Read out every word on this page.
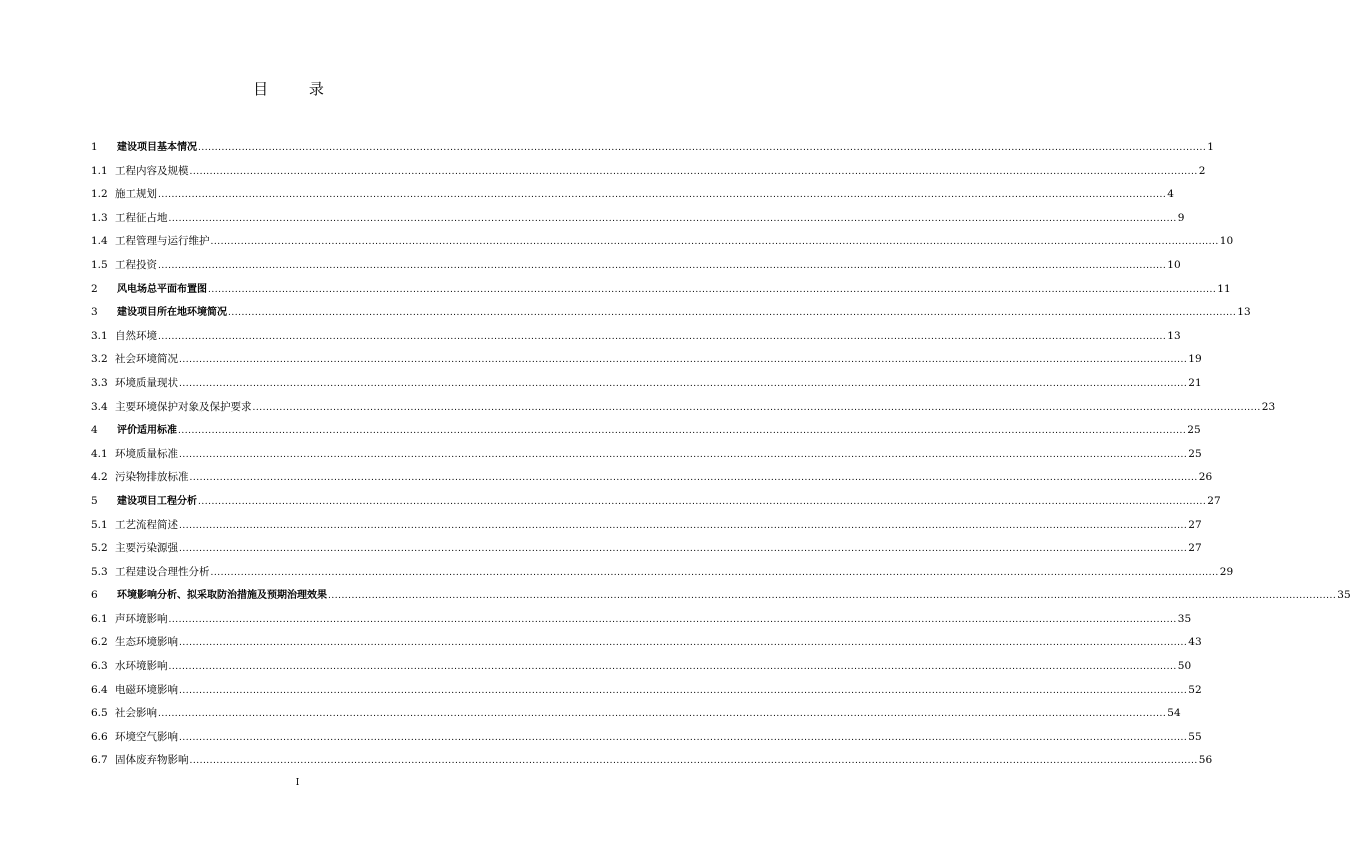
目 录
1	建设项目基本情况 ............................................................................................................................................................................................................................................................................................................ 1
1.1 工程内容及规模 ............................................................................................................................................................................................................................................................................................................ 2
1.2 施工规划 ............................................................................................................................................................................................................................................................................................................ 4
1.3 工程征占地 ............................................................................................................................................................................................................................................................................................................ 9
1.4 工程管理与运行维护 ............................................................................................................................................................................................................................................................................................................ 10
1.5 工程投资 ............................................................................................................................................................................................................................................................................................................ 10
2	风电场总平面布置图 ............................................................................................................................................................................................................................................................................................................ 11
3	建设项目所在地环境简况 ............................................................................................................................................................................................................................................................................................................ 13
3.1 自然环境 ............................................................................................................................................................................................................................................................................................................ 13
3.2 社会环境简况 ............................................................................................................................................................................................................................................................................................................ 19
3.3 环境质量现状 ............................................................................................................................................................................................................................................................................................................ 21
3.4 主要环境保护对象及保护要求 ............................................................................................................................................................................................................................................................................................................ 23
4	评价适用标准 ............................................................................................................................................................................................................................................................................................................ 25
4.1 环境质量标准 ............................................................................................................................................................................................................................................................................................................ 25
4.2 污染物排放标准 ............................................................................................................................................................................................................................................................................................................ 26
5	建设项目工程分析 ............................................................................................................................................................................................................................................................................................................ 27
5.1 工艺流程简述 ............................................................................................................................................................................................................................................................................................................ 27
5.2 主要污染源强 ............................................................................................................................................................................................................................................................................................................ 27
5.3 工程建设合理性分析 ............................................................................................................................................................................................................................................................................................................ 29
6	环境影响分析、拟采取防治措施及预期治理效果 ............................................................................................................................................................................................................................................................................................................ 35
6.1 声环境影响 ............................................................................................................................................................................................................................................................................................................ 35
6.2 生态环境影响 ............................................................................................................................................................................................................................................................................................................ 43
6.3 水环境影响 ............................................................................................................................................................................................................................................................................................................ 50
6.4 电磁环境影响 ............................................................................................................................................................................................................................................................................................................ 52
6.5 社会影响 ............................................................................................................................................................................................................................................................................................................ 54
6.6 环境空气影响 ............................................................................................................................................................................................................................................................................................................ 55
6.7 固体废弃物影响 ............................................................................................................................................................................................................................................................................................................ 56
I
